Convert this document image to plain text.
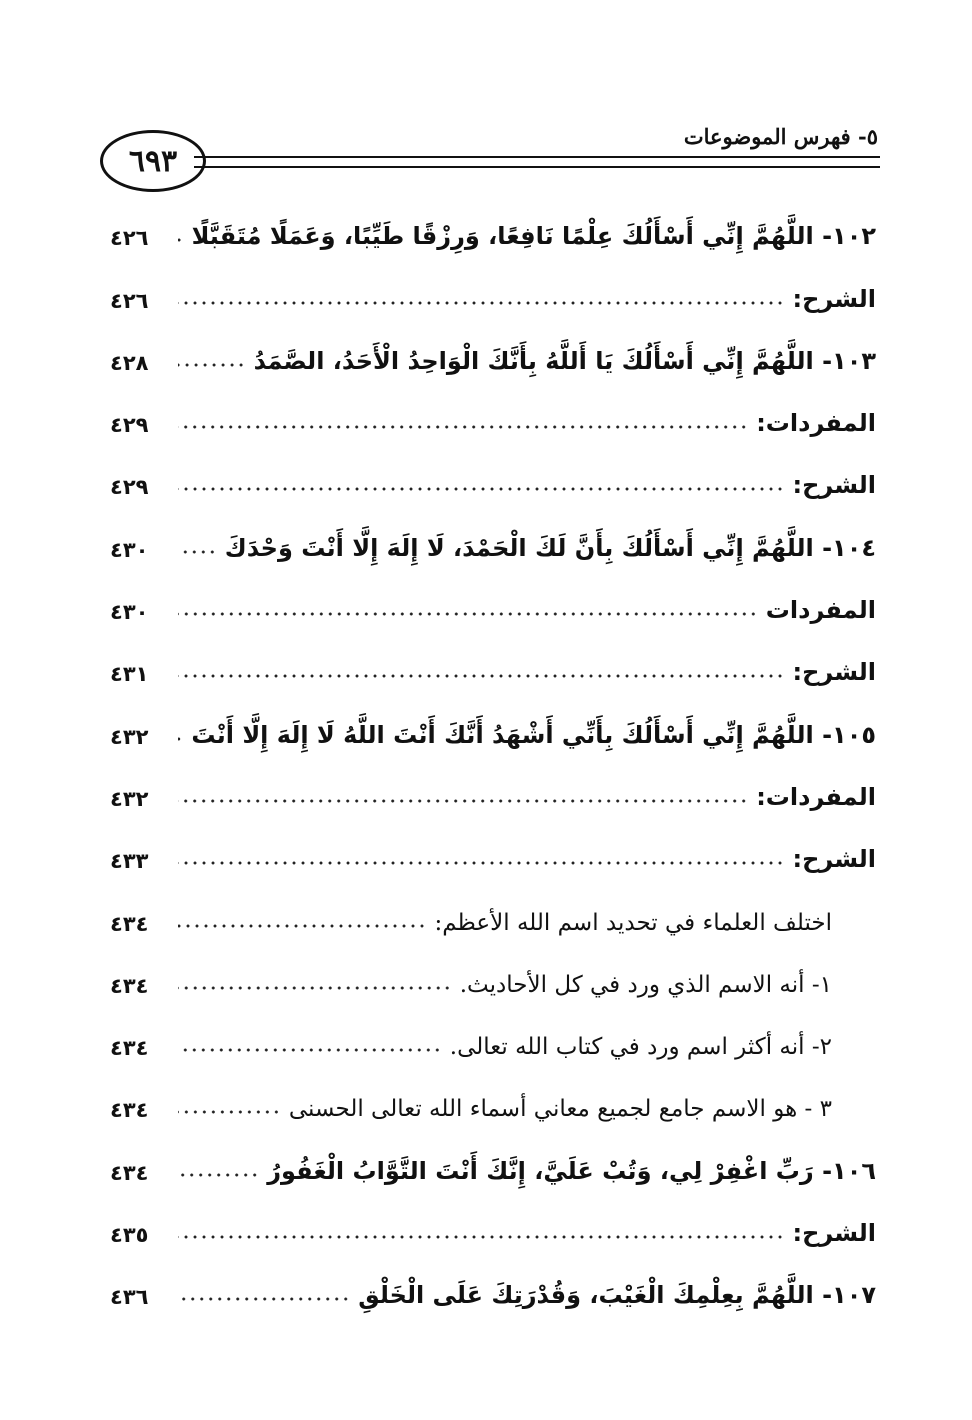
٦٩٣
٥- فهرس الموضوعات
١٠٢- اللَّهُمَّ إِنِّي أَسْأَلُكَ عِلْمًا نَافِعًا، وَرِزْقًا طَيِّبًا، وَعَمَلًا مُتَقَبَّلًا
٤٢٦
الشرح:
٤٢٦
١٠٣- اللَّهُمَّ إِنِّي أَسْأَلُكَ يَا أَللَّهُ بِأَنَّكَ الْوَاحِدُ الْأَحَدُ، الصَّمَدُ
٤٢٨
المفردات:
٤٢٩
الشرح:
٤٢٩
١٠٤- اللَّهُمَّ إِنِّي أَسْأَلُكَ بِأَنَّ لَكَ الْحَمْدَ، لَا إِلَهَ إِلَّا أَنْتَ وَحْدَكَ
٤٣٠
المفردات
٤٣٠
الشرح:
٤٣١
١٠٥- اللَّهُمَّ إِنِّي أَسْأَلُكَ بِأَنِّي أَشْهَدُ أَنَّكَ أَنْتَ اللَّهُ لَا إِلَهَ إِلَّا أَنْتَ
٤٣٢
المفردات:
٤٣٢
الشرح:
٤٣٣
اختلف العلماء في تحديد اسم الله الأعظم:
٤٣٤
١- أنه الاسم الذي ورد في كل الأحاديث.
٤٣٤
٢- أنه أكثر اسم ورد في كتاب الله تعالى.
٤٣٤
٣ - هو الاسم جامع لجميع معاني أسماء الله تعالى الحسنى
٤٣٤
١٠٦- رَبِّ اغْفِرْ لِي، وَتُبْ عَلَيَّ، إِنَّكَ أَنْتَ التَّوَّابُ الْغَفُورُ
٤٣٤
الشرح:
٤٣٥
١٠٧- اللَّهُمَّ بِعِلْمِكَ الْغَيْبَ، وَقُدْرَتِكَ عَلَى الْخَلْقِ
٤٣٦
